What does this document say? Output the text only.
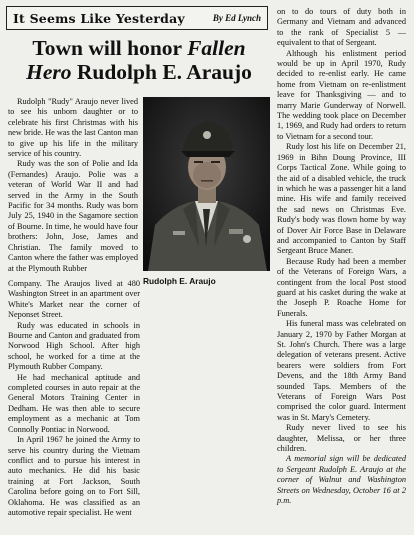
It Seems Like Yesterday	By Ed Lynch
Town will honor Fallen Hero Rudolph E. Araujo

Rudolph "Rudy" Araujo never lived to see his unborn daughter or to celebrate his first Christmas with his new bride. He was the last Canton man to give up his life in the military service of his country.

Rudy was the son of Polie and Ida (Fernandes) Araujo. Polie was a veteran of World War II and had served in the Army in the South Pacific for 34 months. Rudy was born July 25, 1940 in the Sagamore section of Bourne. In time, he would have four brothers: John, Jose, James and Christian. The family moved to Canton where the father was employed at the Plymouth Rubber

Rudolph E. Araujo

Company. The Araujos lived at 480 Washington Street in an apartment over White's Market near the corner of Neponset Street.

Rudy was educated in schools in Bourne and Canton and graduated from Norwood High School. After high school, he worked for a time at the Plymouth Rubber Company.

He had mechanical aptitude and completed courses in auto repair at the General Motors Training Center in Dedham. He was then able to secure employment as a mechanic at Tom Connolly Pontiac in Norwood.

In April 1967 he joined the Army to serve his country during the Vietnam conflict and to pursue his interest in auto mechanics. He did his basic training at Fort Jackson, South Carolina before going on to Fort Sill, Oklahoma. He was classified as an automotive repair specialist. He went

on to do tours of duty both in Germany and Vietnam and advanced to the rank of Specialist 5 — equivalent to that of Sergeant.

Although his enlistment period would be up in April 1970, Rudy decided to re-enlist early. He came home from Vietnam on re-enlistment leave for Thanksgiving — and to marry Marie Gunderway of Norwell. The wedding took place on December 1, 1969, and Rudy had orders to return to Vietnam for a second tour.

Rudy lost his life on December 21, 1969 in Bihn Doung Province, III Corps Tactical Zone. While going to the aid of a disabled vehicle, the truck in which he was a passenger hit a land mine. His wife and family received the sad news on Christmas Eve. Rudy's body was flown home by way of Dover Air Force Base in Delaware and accompanied to Canton by Staff Sergeant Bruce Maner.

Because Rudy had been a member of the Veterans of Foreign Wars, a contingent from the local Post stood guard at his casket during the wake at the Joseph P. Roache Home for Funerals.

His funeral mass was celebrated on January 2, 1970 by Father Morgan at St. John's Church. There was a large delegation of veterans present. Active bearers were soldiers from Fort Devens, and the 18th Army Band sounded Taps. Members of the Veterans of Foreign Wars Post comprised the color guard. Interment was in St. Mary's Cemetery.

Rudy never lived to see his daughter, Melissa, or her three children.

A memorial sign will be dedicated to Sergeant Rudolph E. Araujo at the corner of Walnut and Washington Streets on Wednesday, October 16 at 2 p.m.
